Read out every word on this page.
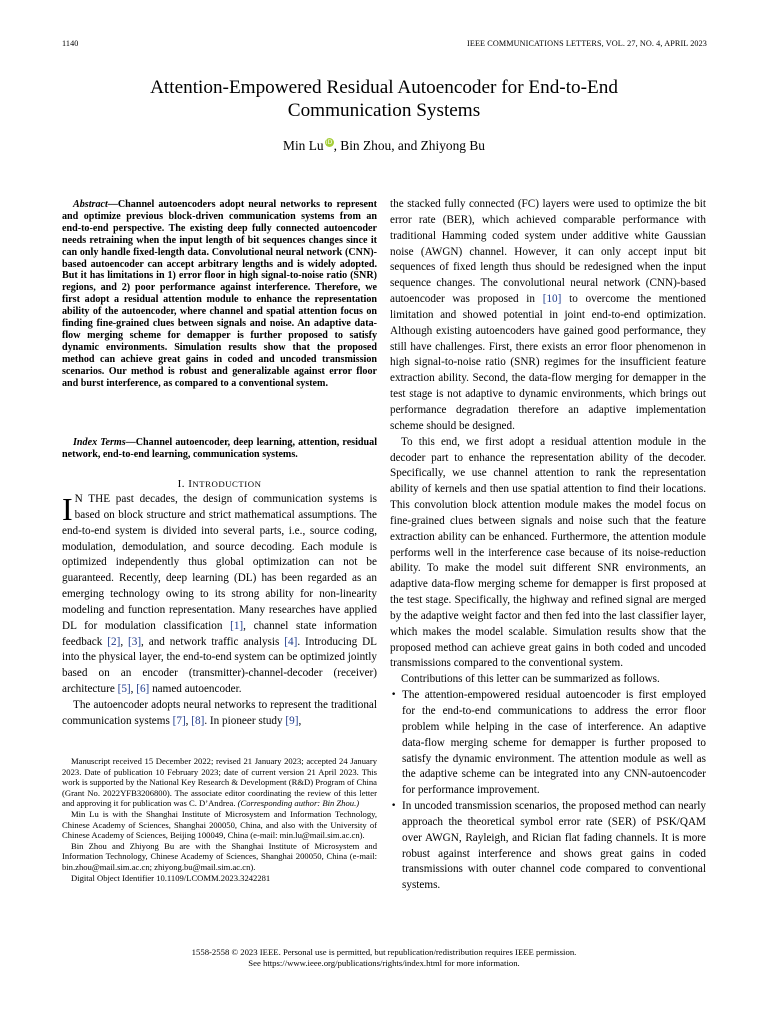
1140	IEEE COMMUNICATIONS LETTERS, VOL. 27, NO. 4, APRIL 2023
Attention-Empowered Residual Autoencoder for End-to-End
Communication Systems
Min Lu iD, Bin Zhou, and Zhiyong Bu

Abstract—Channel autoencoders adopt neural networks to represent and optimize previous block-driven communication systems from an end-to-end perspective. The existing deep fully connected autoencoder needs retraining when the input length of bit sequences changes since it can only handle fixed-length data. Convolutional neural network (CNN)-based autoencoder can accept arbitrary lengths and is widely adopted. But it has limitations in 1) error floor in high signal-to-noise ratio (SNR) regions, and 2) poor performance against interference. Therefore, we first adopt a residual attention module to enhance the representation ability of the autoencoder, where channel and spatial attention focus on finding fine-grained clues between signals and noise. An adaptive data-flow merging scheme for demapper is further proposed to satisfy dynamic environments. Simulation results show that the proposed method can achieve great gains in coded and uncoded transmission scenarios. Our method is robust and generalizable against error floor and burst interference, as compared to a conventional system.

Index Terms—Channel autoencoder, deep learning, attention, residual network, end-to-end learning, communication systems.

I. INTRODUCTION

I N THE past decades, the design of communication systems is based on block structure and strict mathematical assumptions. The end-to-end system is divided into several parts, i.e., source coding, modulation, demodulation, and source decoding. Each module is optimized independently thus global optimization can not be guaranteed. Recently, deep learning (DL) has been regarded as an emerging technology owing to its strong ability for non-linearity modeling and function representation. Many researches have applied DL for modulation classification [1], channel state information feedback [2], [3], and network traffic analysis [4]. Introducing DL into the physical layer, the end-to-end system can be optimized jointly based on an encoder (transmitter)-channel-decoder (receiver) architecture [5], [6] named autoencoder.

The autoencoder adopts neural networks to represent the traditional communication systems [7], [8]. In pioneer study [9],

Manuscript received 15 December 2022; revised 21 January 2023; accepted 24 January 2023. Date of publication 10 February 2023; date of current version 21 April 2023. This work is supported by the National Key Research & Development (R&D) Program of China (Grant No. 2022YFB3206800). The associate editor coordinating the review of this letter and approving it for publication was C. D’Andrea. (Corresponding author: Bin Zhou.)

Min Lu is with the Shanghai Institute of Microsystem and Information Technology, Chinese Academy of Sciences, Shanghai 200050, China, and also with the University of Chinese Academy of Sciences, Beijing 100049, China (e-mail: min.lu@mail.sim.ac.cn).

Bin Zhou and Zhiyong Bu are with the Shanghai Institute of Microsystem and Information Technology, Chinese Academy of Sciences, Shanghai 200050, China (e-mail: bin.zhou@mail.sim.ac.cn; zhiyong.bu@mail.sim.ac.cn).

Digital Object Identifier 10.1109/LCOMM.2023.3242281

the stacked fully connected (FC) layers were used to optimize the bit error rate (BER), which achieved comparable performance with traditional Hamming coded system under additive white Gaussian noise (AWGN) channel. However, it can only accept input bit sequences of fixed length thus should be redesigned when the input sequence changes. The convolutional neural network (CNN)-based autoencoder was proposed in [10] to overcome the mentioned limitation and showed potential in joint end-to-end optimization. Although existing autoencoders have gained good performance, they still have challenges. First, there exists an error floor phenomenon in high signal-to-noise ratio (SNR) regimes for the insufficient feature extraction ability. Second, the data-flow merging for demapper in the test stage is not adaptive to dynamic environments, which brings out performance degradation therefore an adaptive implementation scheme should be designed.

To this end, we first adopt a residual attention module in the decoder part to enhance the representation ability of the decoder. Specifically, we use channel attention to rank the representation ability of kernels and then use spatial attention to find their locations. This convolution block attention module makes the model focus on fine-grained clues between signals and noise such that the feature extraction ability can be enhanced. Furthermore, the attention module performs well in the interference case because of its noise-reduction ability. To make the model suit different SNR environments, an adaptive data-flow merging scheme for demapper is first proposed at the test stage. Specifically, the highway and refined signal are merged by the adaptive weight factor and then fed into the last classifier layer, which makes the model scalable. Simulation results show that the proposed method can achieve great gains in both coded and uncoded transmissions compared to the conventional system.

Contributions of this letter can be summarized as follows.

• The attention-empowered residual autoencoder is first employed for the end-to-end communications to address the error floor problem while helping in the case of interference. An adaptive data-flow merging scheme for demapper is further proposed to satisfy the dynamic environment. The attention module as well as the adaptive scheme can be integrated into any CNN-autoencoder for performance improvement.
• In uncoded transmission scenarios, the proposed method can nearly approach the theoretical symbol error rate (SER) of PSK/QAM over AWGN, Rayleigh, and Rician flat fading channels. It is more robust against interference and shows great gains in coded transmissions with outer channel code compared to conventional systems.
1558-2558 © 2023 IEEE. Personal use is permitted, but republication/redistribution requires IEEE permission.
See https://www.ieee.org/publications/rights/index.html for more information.
